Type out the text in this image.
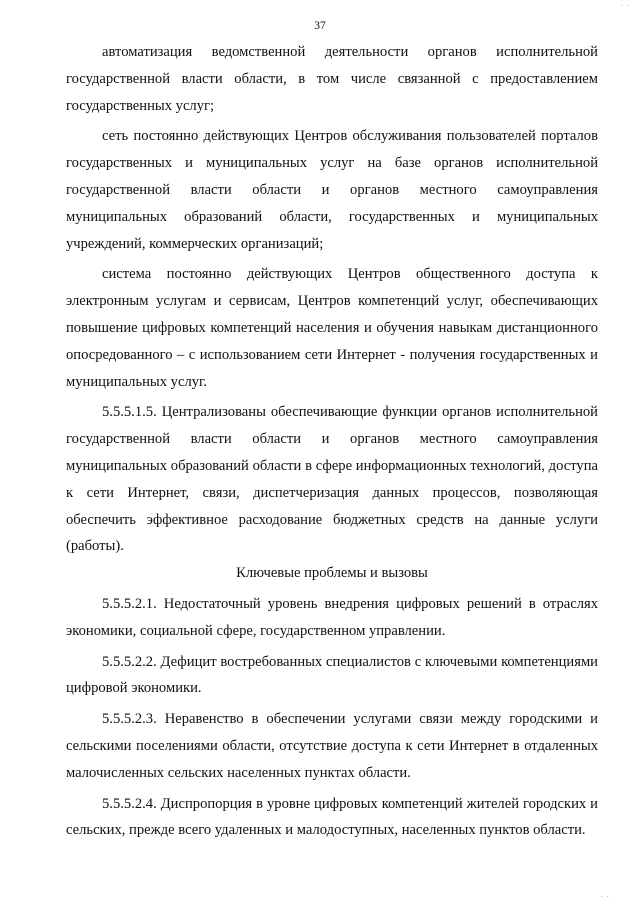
· ·
37

автоматизация ведомственной деятельности органов исполнительной государственной власти области, в том числе связанной с предоставлением государственных услуг;

сеть постоянно действующих Центров обслуживания пользователей порталов государственных и муниципальных услуг на базе органов исполнительной государственной власти области и органов местного самоуправления муниципальных образований области, государственных и муниципальных учреждений, коммерческих организаций;

система постоянно действующих Центров общественного доступа к электронным услугам и сервисам, Центров компетенций услуг, обеспечивающих повышение цифровых компетенций населения и обучения навыкам дистанционного опосредованного – с использованием сети Интернет - получения государственных и муниципальных услуг.

5.5.5.1.5. Централизованы обеспечивающие функции органов исполнительной государственной власти области и органов местного самоуправления муниципальных образований области в сфере информационных технологий, доступа к сети Интернет, связи, диспетчеризация данных процессов, позволяющая обеспечить эффективное расходование бюджетных средств на данные услуги (работы).

Ключевые проблемы и вызовы

5.5.5.2.1. Недостаточный уровень внедрения цифровых решений в отраслях экономики, социальной сфере, государственном управлении.

5.5.5.2.2. Дефицит востребованных специалистов с ключевыми компетенциями цифровой экономики.

5.5.5.2.3. Неравенство в обеспечении услугами связи между городскими и сельскими поселениями области, отсутствие доступа к сети Интернет в отдаленных малочисленных сельских населенных пунктах области.

5.5.5.2.4. Диспропорция в уровне цифровых компетенций жителей городских и сельских, прежде всего удаленных и малодоступных, населенных пунктов области.

· ·
